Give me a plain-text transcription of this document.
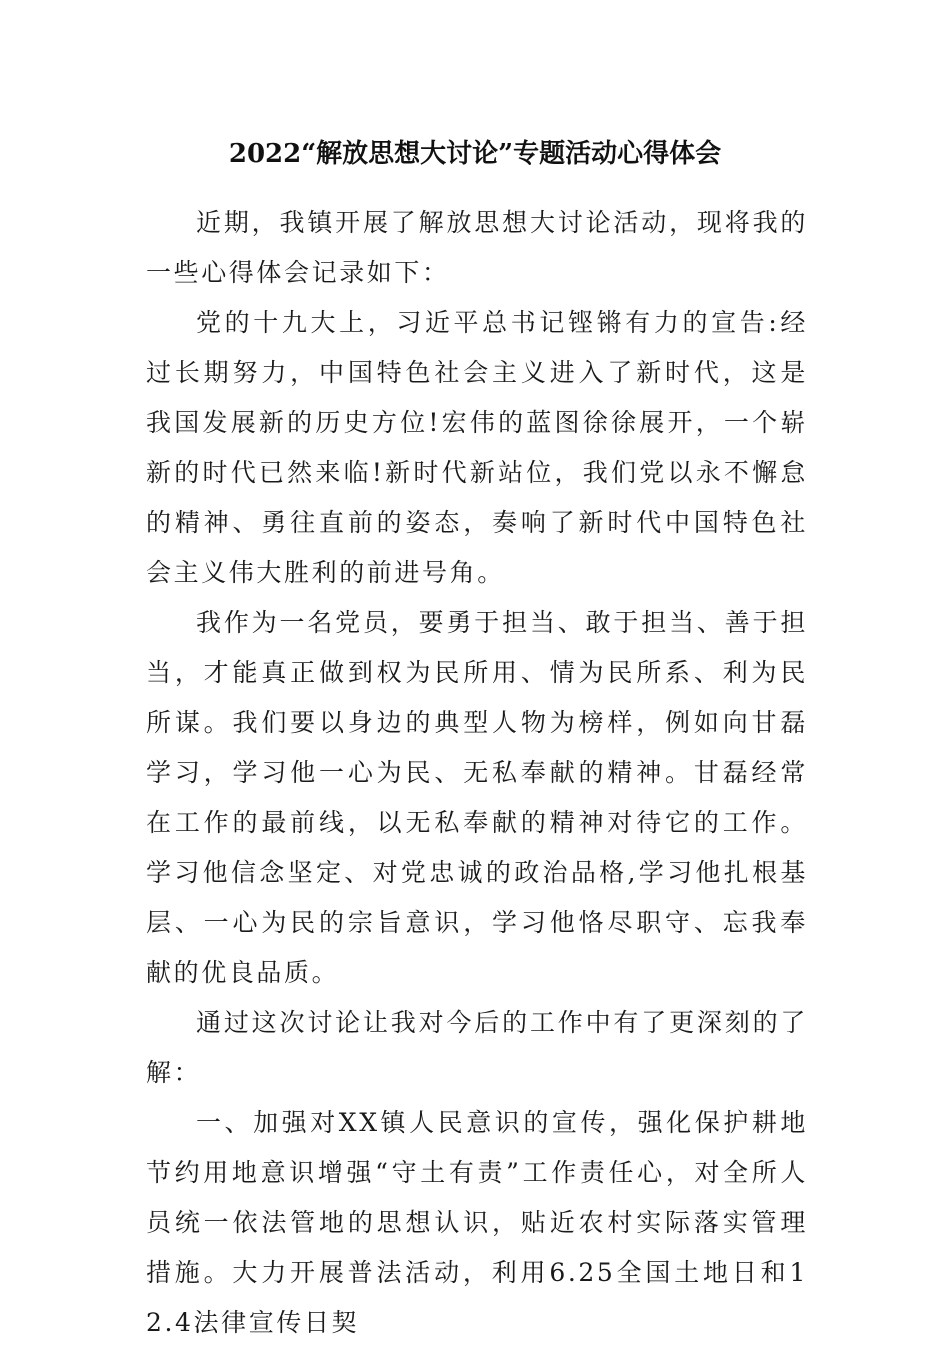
2022“解放思想大讨论”专题活动心得体会

近期，我镇开展了解放思想大讨论活动，现将我的一些心得体会记录如下：

党的十九大上，习近平总书记铿锵有力的宣告:经过长期努力，中国特色社会主义进入了新时代，这是我国发展新的历史方位!宏伟的蓝图徐徐展开，一个崭新的时代已然来临!新时代新站位，我们党以永不懈怠的精神、勇往直前的姿态，奏响了新时代中国特色社会主义伟大胜利的前进号角。

我作为一名党员，要勇于担当、敢于担当、善于担当，才能真正做到权为民所用、情为民所系、利为民所谋。我们要以身边的典型人物为榜样，例如向甘磊学习，学习他一心为民、无私奉献的精神。甘磊经常在工作的最前线，以无私奉献的精神对待它的工作。学习他信念坚定、对党忠诚的政治品格,学习他扎根基层、一心为民的宗旨意识，学习他恪尽职守、忘我奉献的优良品质。

通过这次讨论让我对今后的工作中有了更深刻的了解：

一、加强对XX镇人民意识的宣传，强化保护耕地节约用地意识增强“守土有责”工作责任心，对全所人员统一依法管地的思想认识，贴近农村实际落实管理措施。大力开展普法活动，利用6.25全国土地日和12.4法律宣传日契
